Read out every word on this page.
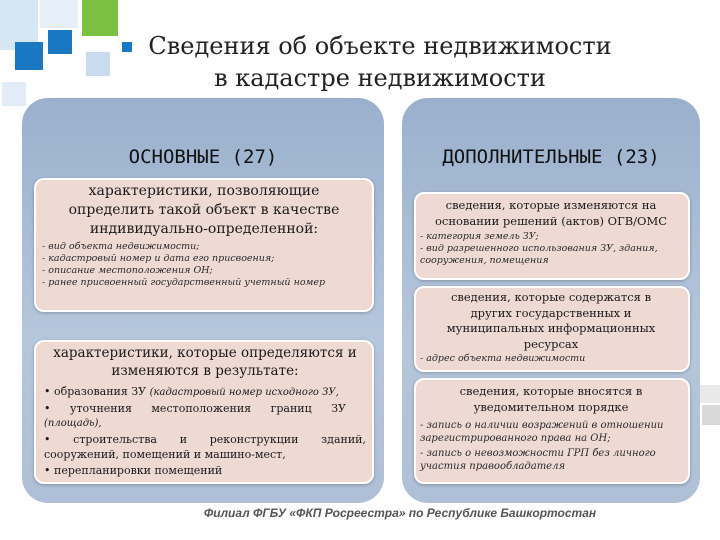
Сведения об объекте недвижимости
в кадастре недвижимости
ОСНОВНЫЕ (27)
характеристики, позволяющие определить такой объект в качестве индивидуально-определенной:
- вид объекта недвижимости;
- кадастровый номер и дата его присвоения;
- описание местоположения ОН;
- ранее присвоенный государственный учетный номер
характеристики, которые определяются и изменяются в результате:
• образования ЗУ (кадастровый номер исходного ЗУ,
• уточнения местоположения границ ЗУ
(площадь),
• строительства и реконструкции зданий, сооружений, помещений и машино-мест,
• перепланировки помещений
ДОПОЛНИТЕЛЬНЫЕ (23)
сведения, которые изменяются на основании решений (актов) ОГВ/ОМС
- категория земель ЗУ;
- вид разрешенного использования ЗУ, здания, сооружения, помещения
сведения, которые содержатся в других государственных и муниципальных информационных ресурсах
- адрес объекта недвижимости
сведения, которые вносятся в уведомительном порядке
- запись о наличии возражений в отношении зарегистрированного права на ОН;
- запись о невозможности ГРП без личного участия правообладателя
Филиал ФГБУ «ФКП Росреестра» по Республике Башкортостан
